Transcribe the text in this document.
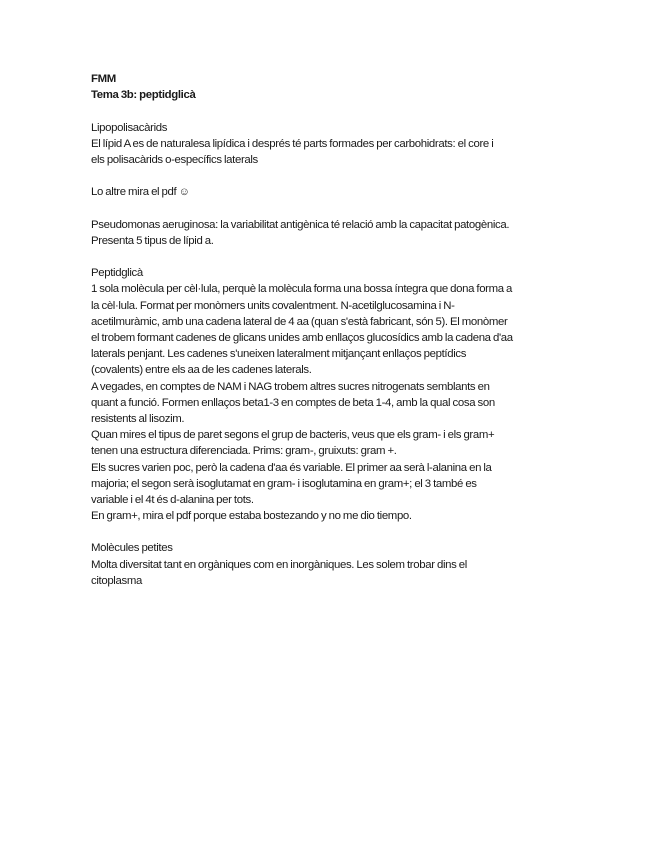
FMM
Tema 3b: peptidglicà
Lipopolisacàrids
El lípid A es de naturalesa lipídica i després té parts formades per carbohidrats: el core i
els polisacàrids o-específics laterals
Lo altre mira el pdf ☺
Pseudomonas aeruginosa: la variabilitat antigènica té relació amb la capacitat patogènica.
Presenta 5 tipus de lípid a.
Peptidglicà
1 sola molècula per cèl·lula, perquè la molècula forma una bossa íntegra que dona forma a
la cèl·lula. Format per monòmers units covalentment. N-acetilglucosamina i N-
acetilmuràmic, amb una cadena lateral de 4 aa (quan s'està fabricant, són 5). El monòmer
el trobem formant cadenes de glicans unides amb enllaços glucosídics amb la cadena d'aa
laterals penjant. Les cadenes s'uneixen lateralment mitjançant enllaços peptídics
(covalents) entre els aa de les cadenes laterals.
A vegades, en comptes de NAM i NAG trobem altres sucres nitrogenats semblants en
quant a funció. Formen enllaços beta1-3 en comptes de beta 1-4, amb la qual cosa son
resistents al lisozim.
Quan mires el tipus de paret segons el grup de bacteris, veus que els gram- i els gram+
tenen una estructura diferenciada. Prims: gram-, gruixuts: gram +.
Els sucres varien poc, però la cadena d'aa és variable. El primer aa serà l-alanina en la
majoria; el segon serà isoglutamat en gram- i isoglutamina en gram+; el 3 també es
variable i el 4t és d-alanina per tots.
En gram+, mira el pdf porque estaba bostezando y no me dio tiempo.
Molècules petites
Molta diversitat tant en orgàniques com en inorgàniques. Les solem trobar dins el
citoplasma
